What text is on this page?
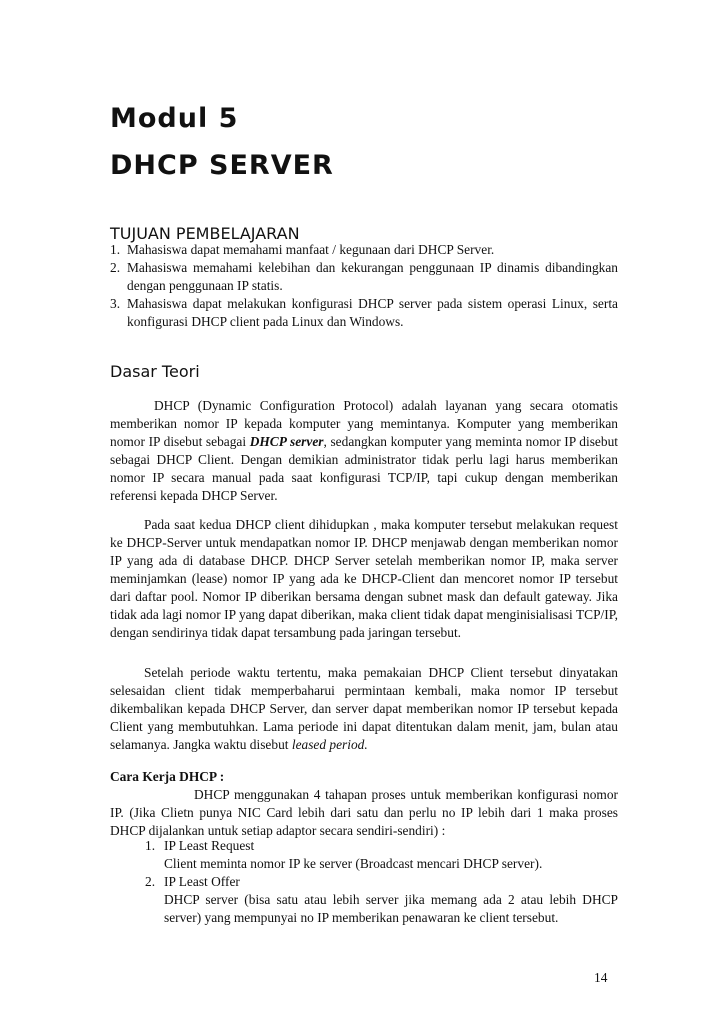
Modul 5
DHCP SERVER
TUJUAN PEMBELAJARAN
1. Mahasiswa dapat memahami manfaat / kegunaan dari DHCP Server.
2. Mahasiswa memahami kelebihan dan kekurangan penggunaan IP dinamis dibandingkan dengan penggunaan IP statis.
3. Mahasiswa dapat melakukan konfigurasi DHCP server pada sistem operasi Linux, serta konfigurasi DHCP client pada Linux dan Windows.
Dasar Teori

DHCP (Dynamic Configuration Protocol) adalah layanan yang secara otomatis memberikan nomor IP kepada komputer yang memintanya. Komputer yang memberikan nomor IP disebut sebagai DHCP server, sedangkan komputer yang meminta nomor IP disebut sebagai DHCP Client. Dengan demikian administrator tidak perlu lagi harus memberikan nomor IP secara manual pada saat konfigurasi TCP/IP, tapi cukup dengan memberikan referensi kepada DHCP Server.

Pada saat kedua DHCP client dihidupkan , maka komputer tersebut melakukan request ke DHCP-Server untuk mendapatkan nomor IP. DHCP menjawab dengan memberikan nomor IP yang ada di database DHCP. DHCP Server setelah memberikan nomor IP, maka server meminjamkan (lease) nomor IP yang ada ke DHCP-Client dan mencoret nomor IP tersebut dari daftar pool. Nomor IP diberikan bersama dengan subnet mask dan default gateway. Jika tidak ada lagi nomor IP yang dapat diberikan, maka client tidak dapat menginisialisasi TCP/IP, dengan sendirinya tidak dapat tersambung pada jaringan tersebut.

Setelah periode waktu tertentu, maka pemakaian DHCP Client tersebut dinyatakan selesaidan client tidak memperbaharui permintaan kembali, maka nomor IP tersebut dikembalikan kepada DHCP Server, dan server dapat memberikan nomor IP tersebut kepada Client yang membutuhkan. Lama periode ini dapat ditentukan dalam menit, jam, bulan atau selamanya. Jangka waktu disebut leased period.

Cara Kerja DHCP :

DHCP menggunakan 4 tahapan proses untuk memberikan konfigurasi nomor IP. (Jika Clietn punya NIC Card lebih dari satu dan perlu no IP lebih dari 1 maka proses DHCP dijalankan untuk setiap adaptor secara sendiri-sendiri) :

1. IP Least Request
Client meminta nomor IP ke server (Broadcast mencari DHCP server).
2. IP Least Offer
DHCP server (bisa satu atau lebih server jika memang ada 2 atau lebih DHCP server) yang mempunyai no IP memberikan penawaran ke client tersebut.
14
